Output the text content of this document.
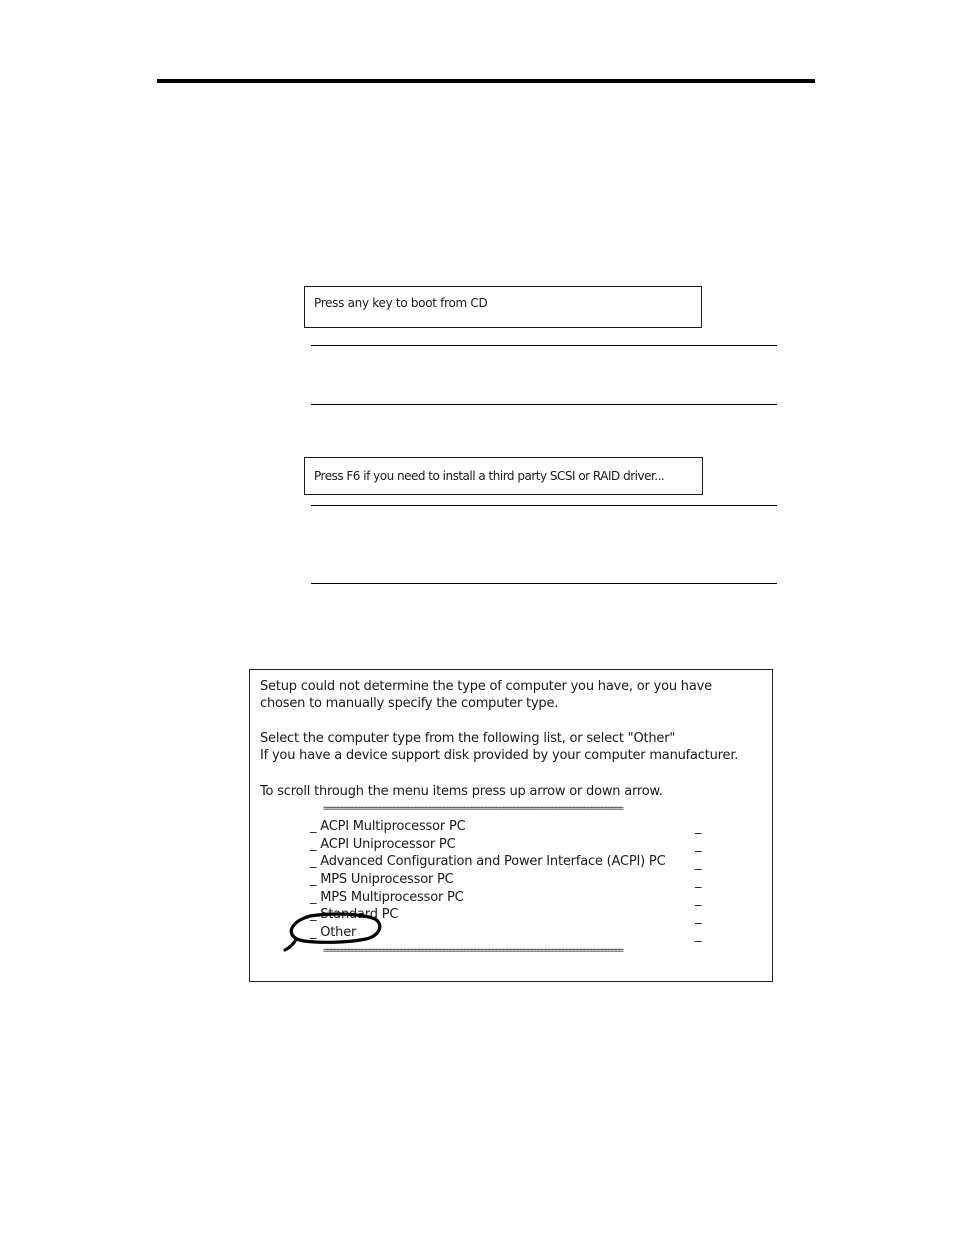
Press any key to boot from CD
Press F6 if you need to install a third party SCSI or RAID driver...
Setup could not determine the type of computer you have, or you have
chosen to manually specify the computer type.
Select the computer type from the following list, or select "Other"
If you have a device support disk provided by your computer manufacturer.
To scroll through the menu items press up arrow or down arrow.
=====================================================================================
_ ACPI Multiprocessor PC
_ ACPI Uniprocessor PC
_ Advanced Configuration and Power Interface (ACPI) PC
_ MPS Uniprocessor PC
_ MPS Multiprocessor PC
_ Standard PC
_ Other
_
_
_
_
_
_
_
=====================================================================================
